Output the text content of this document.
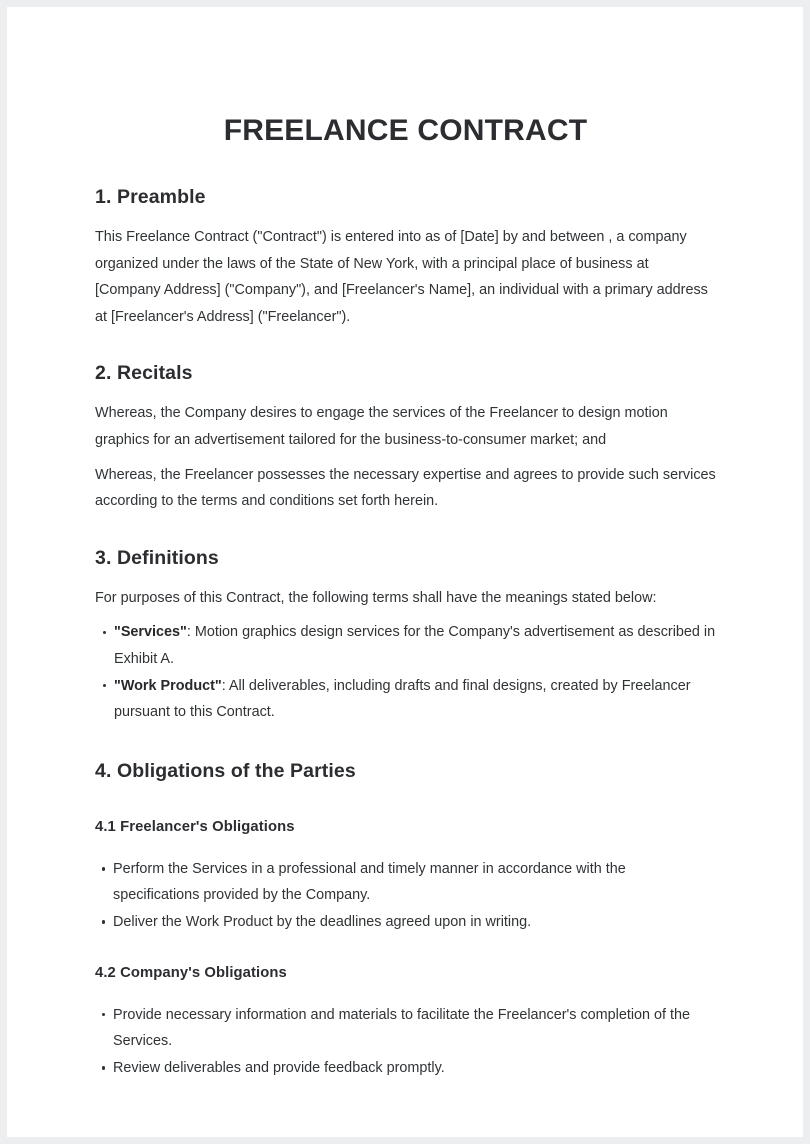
FREELANCE CONTRACT
1. Preamble

This Freelance Contract ("Contract") is entered into as of [Date] by and between , a company organized under the laws of the State of New York, with a principal place of business at [Company Address] ("Company"), and [Freelancer's Name], an individual with a primary address at [Freelancer's Address] ("Freelancer").

2. Recitals

Whereas, the Company desires to engage the services of the Freelancer to design motion graphics for an advertisement tailored for the business-to-consumer market; and

Whereas, the Freelancer possesses the necessary expertise and agrees to provide such services according to the terms and conditions set forth herein.

3. Definitions

For purposes of this Contract, the following terms shall have the meanings stated below:

"Services": Motion graphics design services for the Company's advertisement as described in Exhibit A.
"Work Product": All deliverables, including drafts and final designs, created by Freelancer pursuant to this Contract.
4. Obligations of the Parties
4.1 Freelancer's Obligations
Perform the Services in a professional and timely manner in accordance with the specifications provided by the Company.
Deliver the Work Product by the deadlines agreed upon in writing.
4.2 Company's Obligations
Provide necessary information and materials to facilitate the Freelancer's completion of the Services.
Review deliverables and provide feedback promptly.
